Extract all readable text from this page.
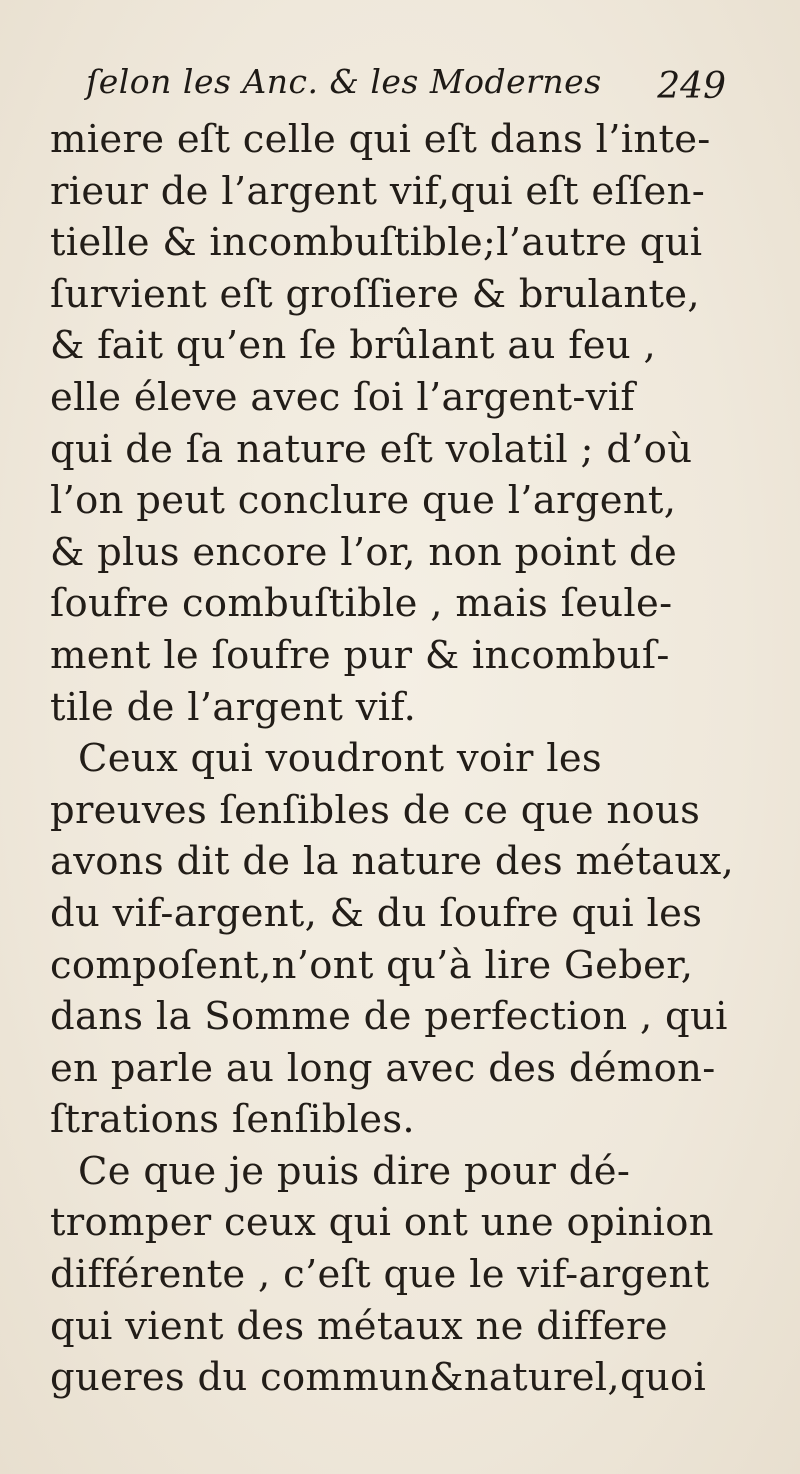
ſelon les Anc. & les Modernes 249
miere eſt celle qui eſt dans l’inte-
rieur de l’argent vif,qui eſt eſſen-
tielle & incombuſtible;l’autre qui
ſurvient eſt groſſiere & brulante,
& fait qu’en ſe brûlant au feu ,
elle éleve avec ſoi l’argent-vif
qui de ſa nature eſt volatil ; d’où
l’on peut conclure que l’argent,
& plus encore l’or, non point de
ſoufre combuſtible , mais ſeule-
ment le ſoufre pur & incombuſ-
tile de l’argent vif.
Ceux qui voudront voir les
preuves ſenſibles de ce que nous
avons dit de la nature des métaux,
du vif-argent, & du ſoufre qui les
compoſent,n’ont qu’à lire Geber,
dans la Somme de perfection , qui
en parle au long avec des démon-
ſtrations ſenſibles.
Ce que je puis dire pour dé-
tromper ceux qui ont une opinion
différente , c’eſt que le vif-argent
qui vient des métaux ne differe
gueres du commun&naturel,quoi
